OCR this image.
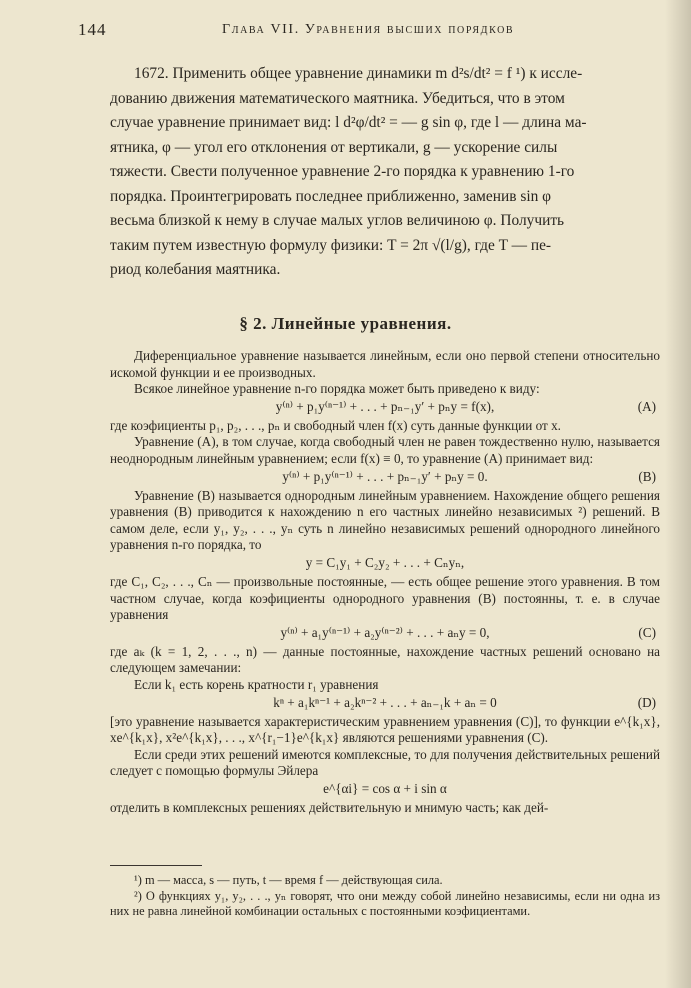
144	Глава VII. Уравнения высших порядков

1672. Применить общее уравнение динамики m d²s/dt² = f ¹) к иссле-

дованию движения математического маятника. Убедиться, что в этом

случае уравнение принимает вид: l d²φ/dt² = — g sin φ, где l — длина ма-

ятника, φ — угол его отклонения от вертикали, g — ускорение силы

тяжести. Свести полученное уравнение 2-го порядка к уравнению 1-го

порядка. Проинтегрировать последнее приближенно, заменив sin φ

весьма близкой к нему в случае малых углов величиною φ. Получить

таким путем известную формулу физики: T = 2π √(l/g), где T — пе-

риод колебания маятника.

§ 2. Линейные уравнения.

Диференциальное уравнение называется линейным, если оно первой степени относительно искомой функции и ее производных.

Всякое линейное уравнение n-го порядка может быть приведено к виду:

y⁽ⁿ⁾ + p₁y⁽ⁿ⁻¹⁾ + . . . + pₙ₋₁y′ + pₙy = f(x),	(A)

где коэфициенты p₁, p₂, . . ., pₙ и свободный член f(x) суть данные функции от x.

Уравнение (A), в том случае, когда свободный член не равен тождественно нулю, называется неоднородным линейным уравнением; если f(x) ≡ 0, то уравнение (A) принимает вид:

y⁽ⁿ⁾ + p₁y⁽ⁿ⁻¹⁾ + . . . + pₙ₋₁y′ + pₙy = 0.	(B)

Уравнение (B) называется однородным линейным уравнением. Нахождение общего решения уравнения (B) приводится к нахождению n его частных линейно независимых ²) решений. В самом деле, если y₁, y₂, . . ., yₙ суть n линейно независимых решений однородного линейного уравнения n-го порядка, то

y = C₁y₁ + C₂y₂ + . . . + Cₙyₙ,

где C₁, C₂, . . ., Cₙ — произвольные постоянные, — есть общее решение этого уравнения. В том частном случае, когда коэфициенты однородного уравнения (B) постоянны, т. е. в случае уравнения

y⁽ⁿ⁾ + a₁y⁽ⁿ⁻¹⁾ + a₂y⁽ⁿ⁻²⁾ + . . . + aₙy = 0,	(C)

где aₖ (k = 1, 2, . . ., n) — данные постоянные, нахождение частных решений основано на следующем замечании:

Если k₁ есть корень кратности r₁ уравнения

kⁿ + a₁kⁿ⁻¹ + a₂kⁿ⁻² + . . . + aₙ₋₁k + aₙ = 0	(D)

[это уравнение называется характеристическим уравнением уравнения (C)], то функции e^{k₁x}, xe^{k₁x}, x²e^{k₁x}, . . ., x^{r₁−1}e^{k₁x} являются решениями уравнения (C).

Если среди этих решений имеются комплексные, то для получения действительных решений следует с помощью формулы Эйлера

e^{αi} = cos α + i sin α

отделить в комплексных решениях действительную и мнимую часть; как дей-

¹) m — масса, s — путь, t — время f — действующая сила.

²) О функциях y₁, y₂, . . ., yₙ говорят, что они между собой линейно независимы, если ни одна из них не равна линейной комбинации остальных с постоянными коэфициентами.
